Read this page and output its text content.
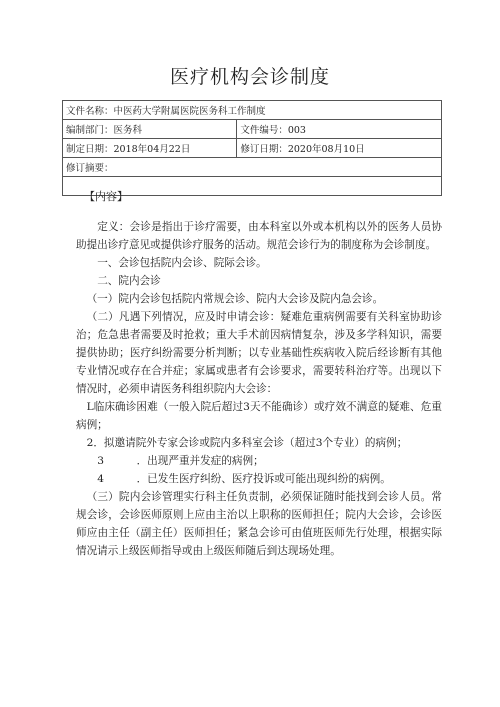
医疗机构会诊制度
文件名称：中医药大学附属医院医务科工作制度	
编制部门：医务科	文件编号：003
制定日期：2018年04月22日	修订日期：2020年08月10日
修订摘要：	

【内容】

定义：会诊是指出于诊疗需要，由本科室以外或本机构以外的医务人员协助提出诊疗意见或提供诊疗服务的活动。规范会诊行为的制度称为会诊制度。

一、会诊包括院内会诊、院际会诊。

二、院内会诊

（一）院内会诊包括院内常规会诊、院内大会诊及院内急会诊。

（二）凡遇下列情况，应及时申请会诊：疑难危重病例需要有关科室协助诊治；危急患者需要及时抢救；重大手术前因病情复杂，涉及多学科知识，需要提供协助；医疗纠纷需要分析判断；以专业基础性疾病收入院后经诊断有其他专业情况或存在合并症；家属或患者有会诊要求，需要转科治疗等。出现以下情况时，必须申请医务科组织院内大会诊：

L临床确诊困难（一般入院后超过3天不能确诊）或疗效不满意的疑难、危重病例；

2．拟邀请院外专家会诊或院内多科室会诊（超过3个专业）的病例；

3	．出现严重并发症的病例；

4	．已发生医疗纠纷、医疗投诉或可能出现纠纷的病例。

（三）院内会诊管理实行科主任负责制，必须保证随时能找到会诊人员。常规会诊，会诊医师原则上应由主治以上职称的医师担任；院内大会诊，会诊医师应由主任（副主任）医师担任；紧急会诊可由值班医师先行处理，根据实际情况请示上级医师指导或由上级医师随后到达现场处理。
